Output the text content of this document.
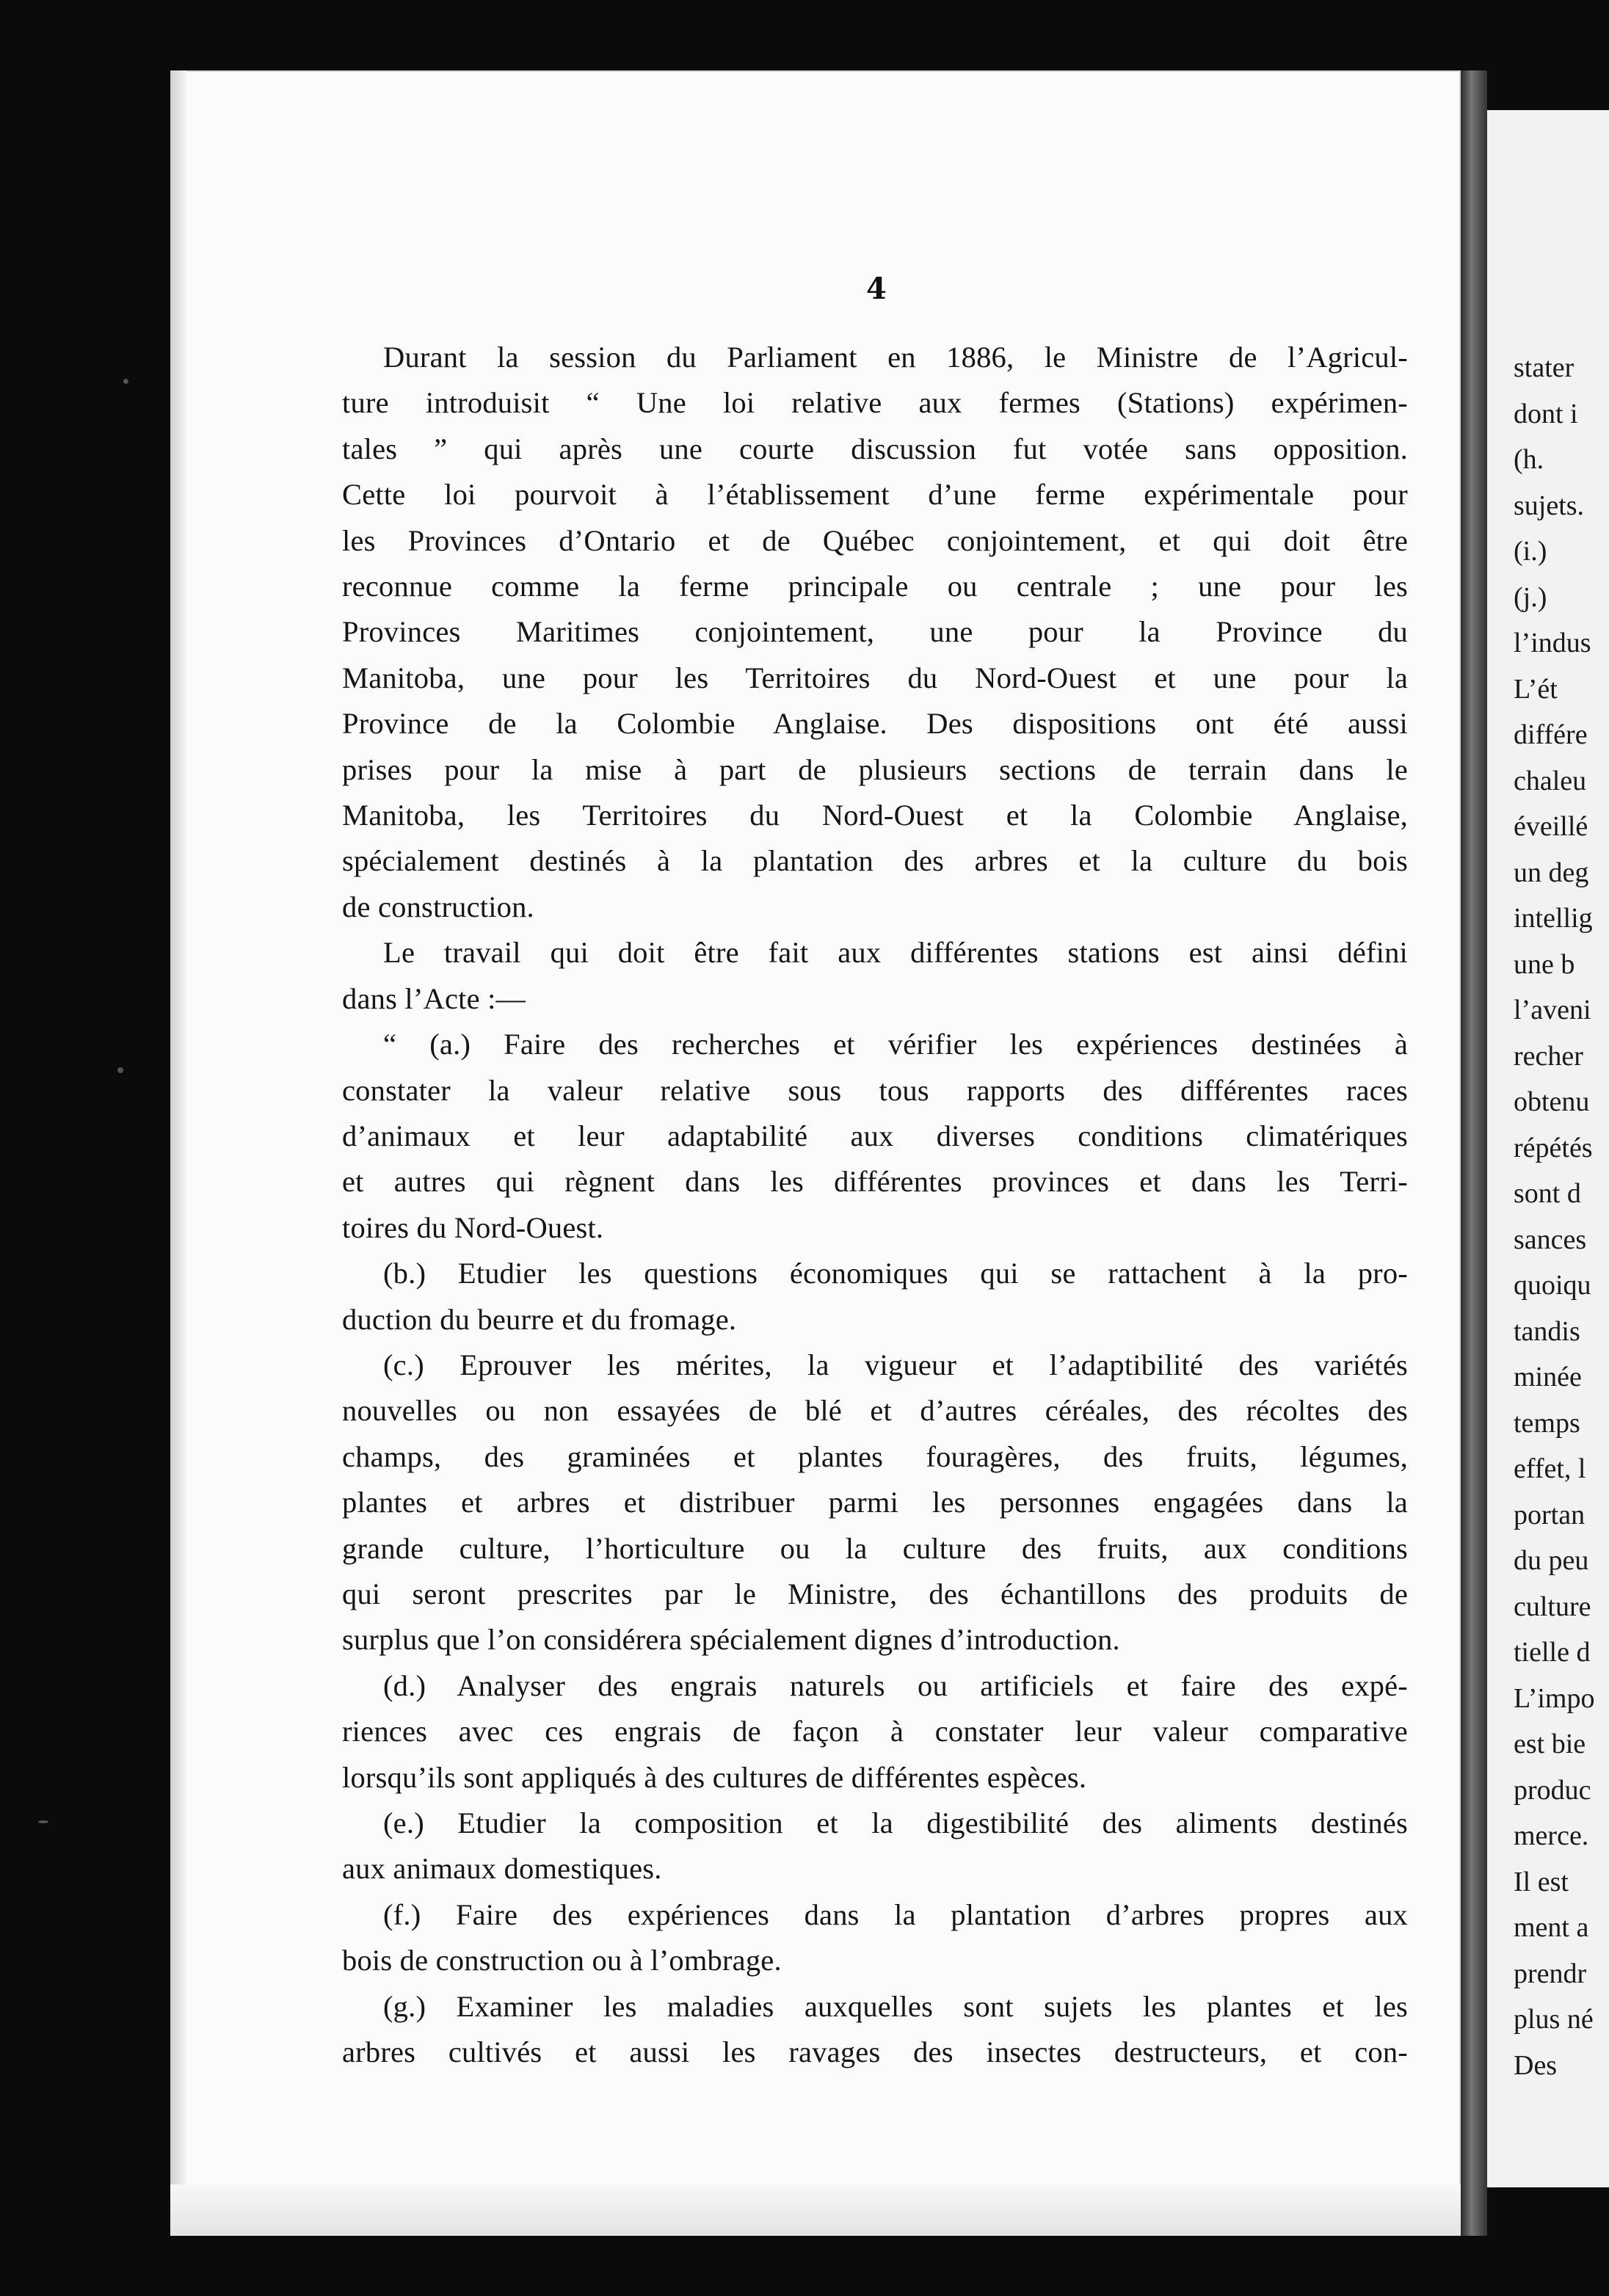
4
Durant la session du Parliament en 1886, le Ministre de l’Agricul-
ture introduisit “ Une loi relative aux fermes (Stations) expérimen-
tales ” qui après une courte discussion fut votée sans opposition.
Cette loi pourvoit à l’établissement d’une ferme expérimentale pour
les Provinces d’Ontario et de Québec conjointement, et qui doit être
reconnue comme la ferme principale ou centrale ; une pour les
Provinces Maritimes conjointement, une pour la Province du
Manitoba, une pour les Territoires du Nord-Ouest et une pour la
Province de la Colombie Anglaise. Des dispositions ont été aussi
prises pour la mise à part de plusieurs sections de terrain dans le
Manitoba, les Territoires du Nord-Ouest et la Colombie Anglaise,
spécialement destinés à la plantation des arbres et la culture du bois
de construction.
Le travail qui doit être fait aux différentes stations est ainsi défini
dans l’Acte :—
“ (a.) Faire des recherches et vérifier les expériences destinées à
constater la valeur relative sous tous rapports des différentes races
d’animaux et leur adaptabilité aux diverses conditions climatériques
et autres qui règnent dans les différentes provinces et dans les Terri-
toires du Nord-Ouest.
(b.) Etudier les questions économiques qui se rattachent à la pro-
duction du beurre et du fromage.
(c.) Eprouver les mérites, la vigueur et l’adaptibilité des variétés
nouvelles ou non essayées de blé et d’autres céréales, des récoltes des
champs, des graminées et plantes fouragères, des fruits, légumes,
plantes et arbres et distribuer parmi les personnes engagées dans la
grande culture, l’horticulture ou la culture des fruits, aux conditions
qui seront prescrites par le Ministre, des échantillons des produits de
surplus que l’on considérera spécialement dignes d’introduction.
(d.) Analyser des engrais naturels ou artificiels et faire des expé-
riences avec ces engrais de façon à constater leur valeur comparative
lorsqu’ils sont appliqués à des cultures de différentes espèces.
(e.) Etudier la composition et la digestibilité des aliments destinés
aux animaux domestiques.
(f.) Faire des expériences dans la plantation d’arbres propres aux
bois de construction ou à l’ombrage.
(g.) Examiner les maladies auxquelles sont sujets les plantes et les
arbres cultivés et aussi les ravages des insectes destructeurs, et con-
stater
dont i
(h.
sujets.
(i.)
(j.)
l’indus
L’ét
différe
chaleu
éveillé
un deg
intellig
une b
l’aveni
recher
obtenu
répétés
sont d
sances
quoiqu
tandis
minée
temps
effet, l
portan
du peu
culture
tielle d
L’impo
est bie
produc
merce.
Il est
ment a
prendr
plus né
Des
